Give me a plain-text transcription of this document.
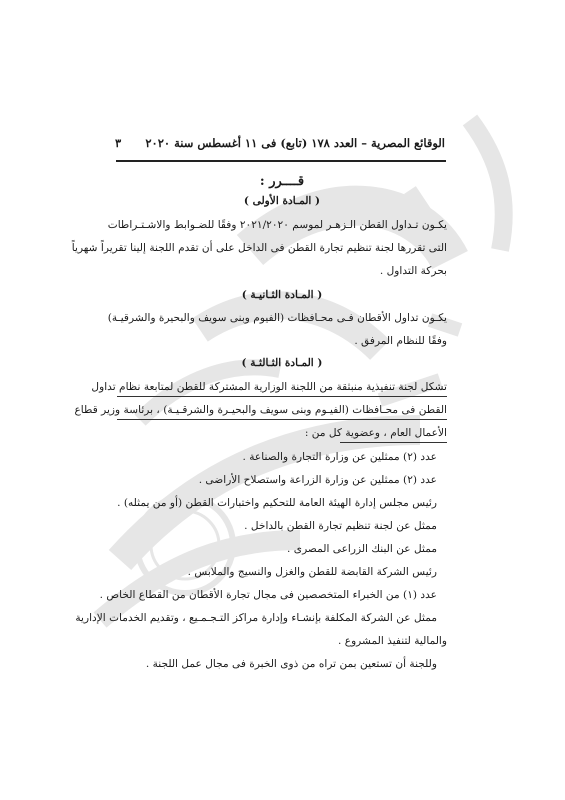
الوقائع المصرية – العدد ١٧٨ (تابع) فى ١١ أغسطس سنة ٢٠٢٠
٣
قــــرر :
( المـادة الأولى )
يكـون تـداول القطن الـزهـر لموسم ٢٠٢١/٢٠٢٠ وفقًا للضـوابط والاشـتـراطات
التى تقررها لجنة تنظيم تجارة القطن فى الداخل على أن تقدم اللجنة إلينا تقريراً شهرياً
بحركة التداول .
( المـادة الثـانيـة )
يكـون تداول الأقطان فـى محـافظات (الفيوم وبنى سويف والبحيرة والشرقيـة)
وفقًا للنظام المرفق .
( المـادة الثـالثـة )
تشكل لجنة تنفيذية منبثقة من اللجنة الوزارية المشتركة للقطن لمتابعة نظام تداول
القطن فى محـافظات (الفيـوم وبنى سويف والبحيـرة والشرقـيـة) ، برئاسة وزير قطاع
الأعمال العام ، وعضوية كل من :
عدد (٢) ممثلين عن وزارة التجارة والصناعة .
عدد (٢) ممثلين عن وزارة الزراعة واستصلاح الأراضى .
رئيس مجلس إدارة الهيئة العامة للتحكيم واختبارات القطن (أو من يمثله) .
ممثل عن لجنة تنظيم تجارة القطن بالداخل .
ممثل عن البنك الزراعى المصرى .
رئيس الشركة القابضة للقطن والغزل والنسيج والملابس .
عدد (١) من الخبراء المتخصصين فى مجال تجارة الأقطان من القطاع الخاص .
ممثل عن الشركة المكلفة بإنشـاء وإدارة مراكز التـجـمـيع ، وتقديم الخدمات الإدارية
والمالية لتنفيذ المشروع .
وللجنة أن تستعين بمن تراه من ذوى الخبرة فى مجال عمل اللجنة .
